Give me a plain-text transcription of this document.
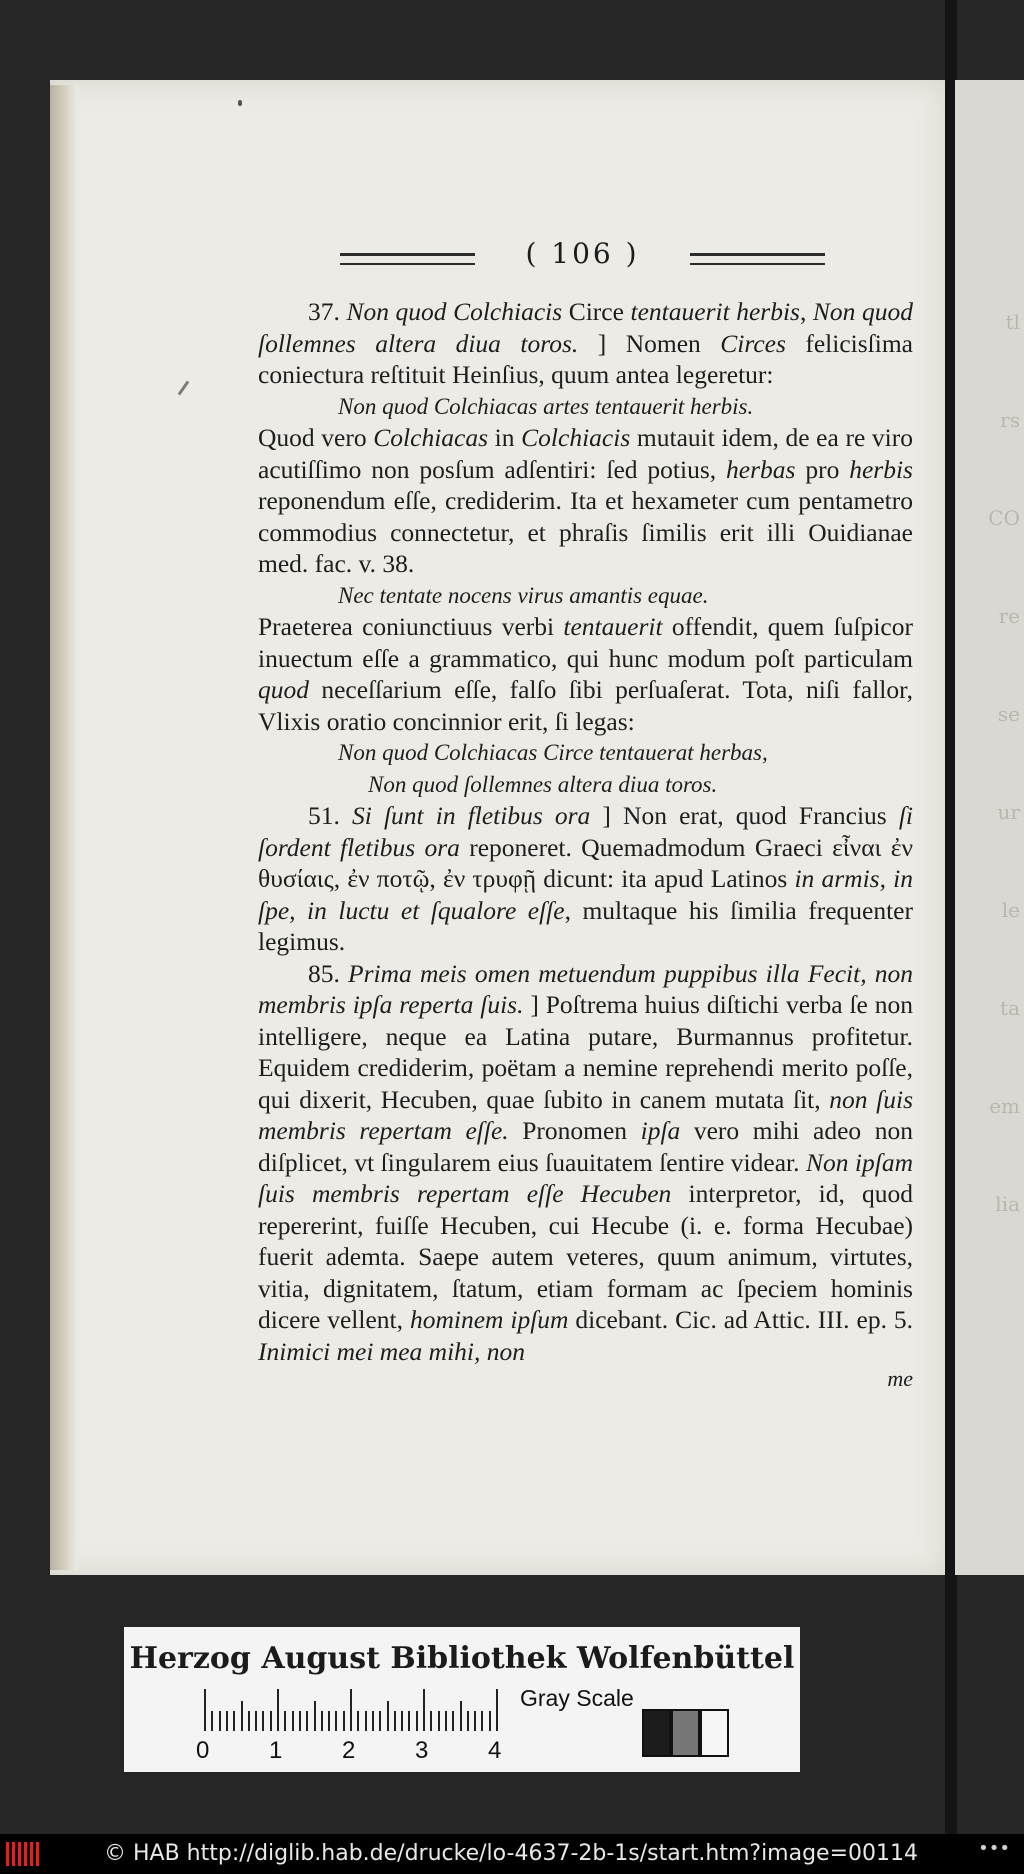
tl
rs
CO
re
se
ur
le
ta
em
lia
( 106 )

37. Non quod Colchiacis Circe tentauerit herbis, Non quod ſollemnes altera diua toros. ] Nomen Circes felicisſima coniectura reſtituit Heinſius, quum antea legeretur:

Non quod Colchiacas artes tentauerit herbis.

Quod vero Colchiacas in Colchiacis mutauit idem, de ea re viro acutiſſimo non posſum adſentiri: ſed potius, herbas pro herbis reponendum eſſe, crediderim. Ita et hexameter cum pentametro commodius connectetur, et phraſis ſimilis erit illi Ouidianae med. fac. v. 38.

Nec tentate nocens virus amantis equae.

Praeterea coniunctiuus verbi tentauerit offendit, quem ſuſpicor inuectum eſſe a grammatico, qui hunc modum poſt particulam quod neceſſarium eſſe, falſo ſibi perſuaſerat. Tota, niſi fallor, Vlixis oratio concinnior erit, ſi legas:

Non quod Colchiacas Circe tentauerat herbas,

Non quod ſollemnes altera diua toros.

51. Si ſunt in fletibus ora ] Non erat, quod Francius ſi ſordent fletibus ora reponeret. Quemadmodum Graeci εἶναι ἐν θυσίαις, ἐν ποτῷ, ἐν τρυφῇ dicunt: ita apud Latinos in armis, in ſpe, in luctu et ſqualore eſſe, multaque his ſimilia frequenter legimus.

85. Prima meis omen metuendum puppibus illa Fecit, non membris ipſa reperta ſuis. ] Poſtrema huius diſtichi verba ſe non intelligere, neque ea Latina putare, Burmannus profitetur. Equidem crediderim, poëtam a nemine reprehendi merito poſſe, qui dixerit, Hecuben, quae ſubito in canem mutata ſit, non ſuis membris repertam eſſe. Pronomen ipſa vero mihi adeo non diſplicet, vt ſingularem eius ſuauitatem ſentire videar. Non ipſam ſuis membris repertam eſſe Hecuben interpretor, id, quod repererint, fuiſſe Hecuben, cui Hecube (i. e. forma Hecubae) fuerit ademta. Saepe autem veteres, quum animum, virtutes, vitia, dignitatem, ſtatum, etiam formam ac ſpeciem hominis dicere vellent, hominem ipſum dicebant. Cic. ad Attic. III. ep. 5. Inimici mei mea mihi, non

me

Herzog August Bibliothek Wolfenbüttel
0 1 2 3 4
Gray Scale
© HAB http://diglib.hab.de/drucke/lo-4637-2b-1s/start.htm?image=00114	•••
